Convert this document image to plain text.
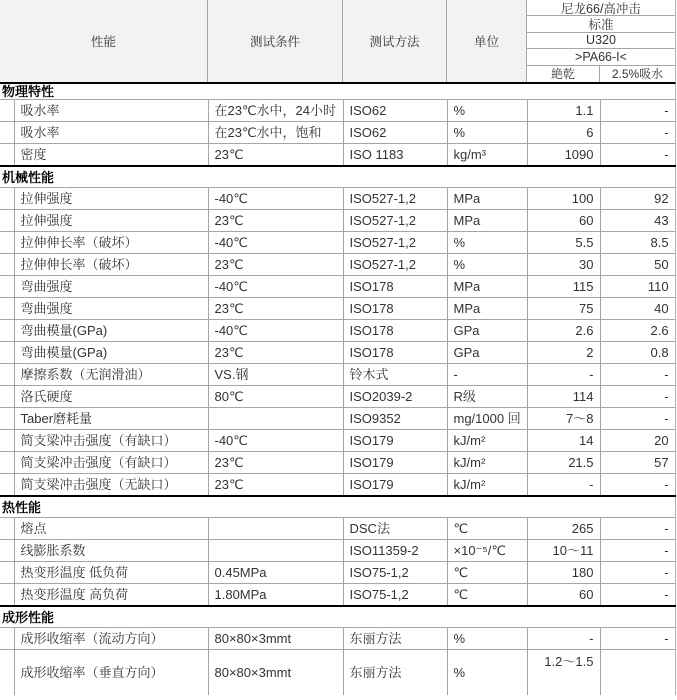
性能	测试条件	测试方法	单位
尼龙66/高冲击
标准
U320
>PA66-I<
絶乾	2.5%吸水
物理特性						
	吸水率	在23℃水中，24小时	ISO62	%	1.1	-
	吸水率	在23℃水中，饱和	ISO62	%	6	-
	密度	23℃	ISO 1183	kg/m³	1090	-
机械性能						
	拉伸强度	-40℃	ISO527-1,2	MPa	100	92
	拉伸强度	23℃	ISO527-1,2	MPa	60	43
	拉伸伸长率（破坏）	-40℃	ISO527-1,2	%	5.5	8.5
	拉伸伸长率（破坏）	23℃	ISO527-1,2	%	30	50
	弯曲强度	-40℃	ISO178	MPa	115	110
	弯曲强度	23℃	ISO178	MPa	75	40
	弯曲模量(GPa)	-40℃	ISO178	GPa	2.6	2.6
	弯曲模量(GPa)	23℃	ISO178	GPa	2	0.8
	摩擦系数（无润滑油）	VS.钢	铃木式	-	-	-
	洛氏硬度	80℃	ISO2039-2	R级	114	-
	Taber磨耗量		ISO9352	mg/1000 回	7〜8	-
	简支梁冲击强度（有缺口）	-40℃	ISO179	kJ/m²	14	20
	简支梁冲击强度（有缺口）	23℃	ISO179	kJ/m²	21.5	57
	简支梁冲击强度（无缺口）	23℃	ISO179	kJ/m²	-	-
热性能						
	熔点		DSC法	℃	265	-
	线膨胀系数		ISO11359-2	×10⁻⁵/℃	10〜11	-
	热变形温度 低负荷	0.45MPa	ISO75-1,2	℃	180	-
	热变形温度 高负荷	1.80MPa	ISO75-1,2	℃	60	-
成形性能						
	成形收缩率（流动方向）	80×80×3mmt	东丽方法	%	-	-
	成形收缩率（垂直方向）	80×80×3mmt	东丽方法	%	1.2〜1.5	
